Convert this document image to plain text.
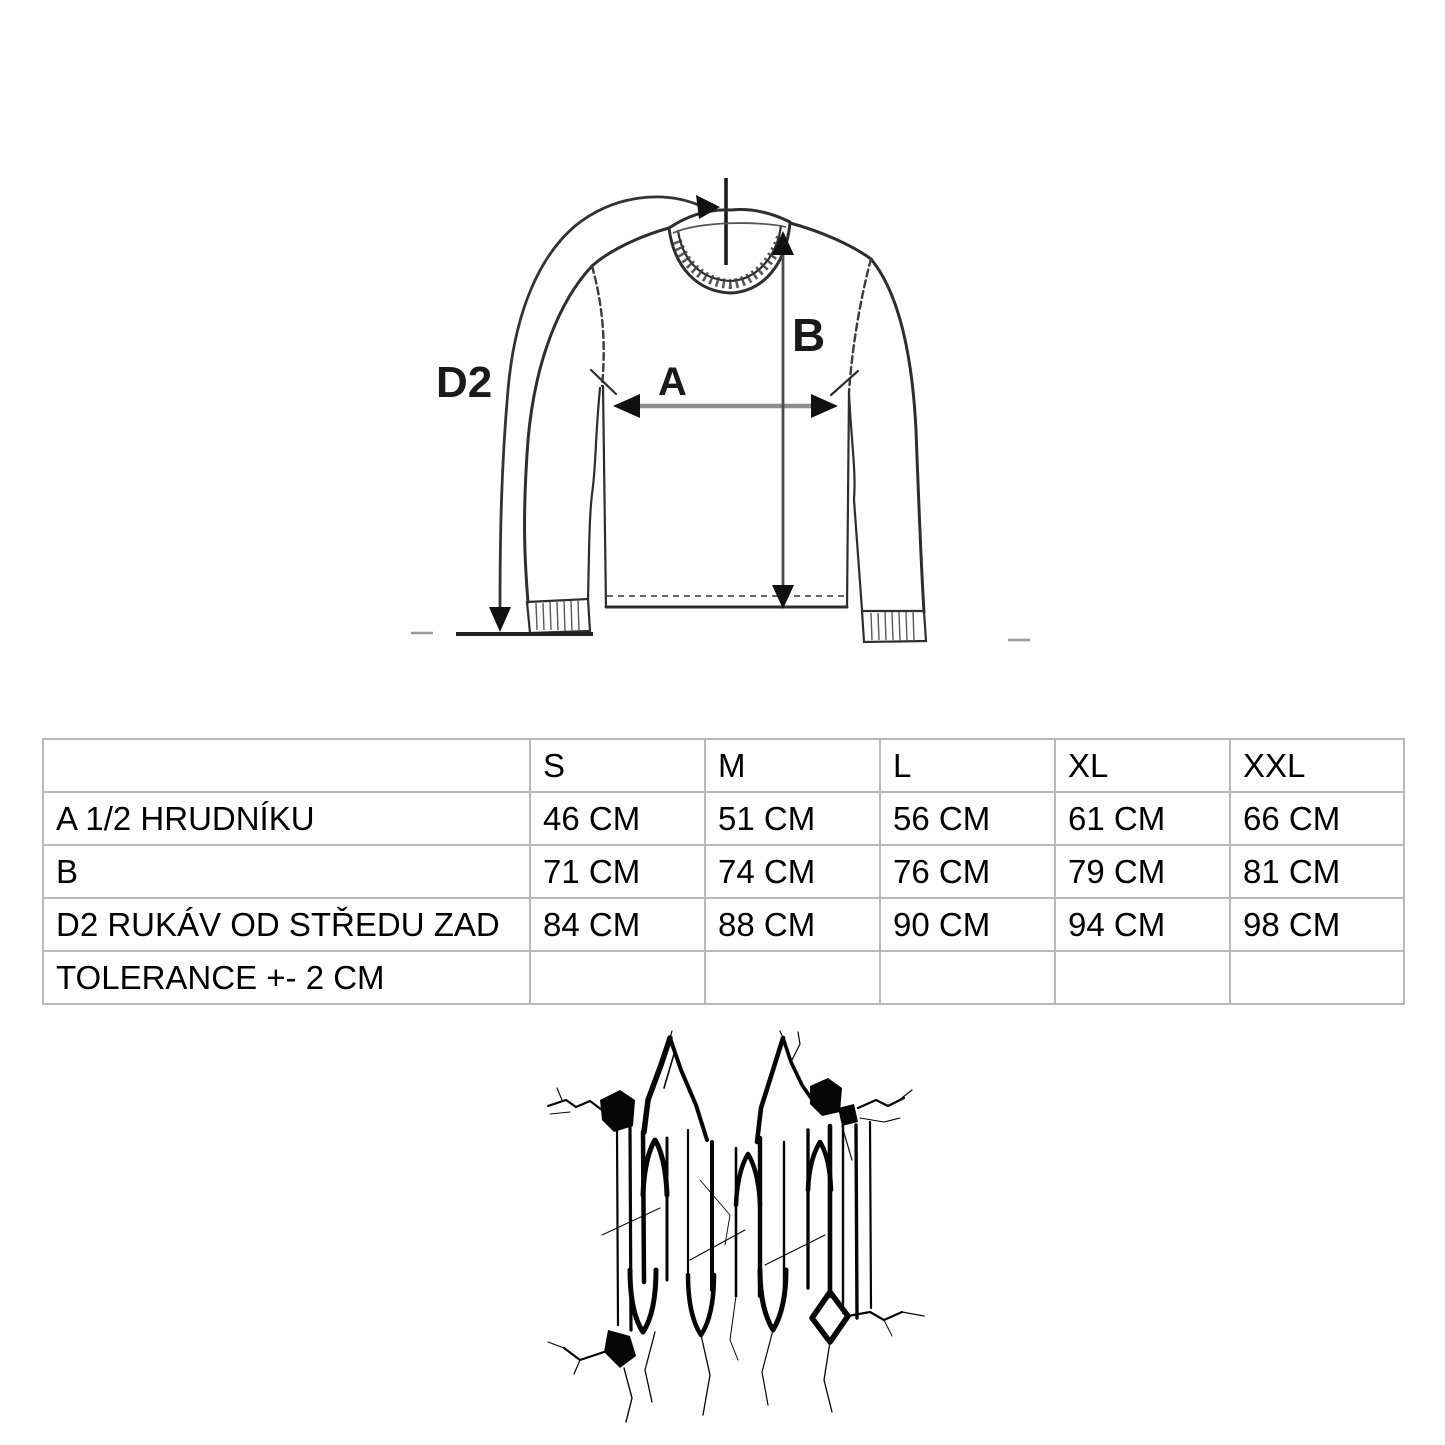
D2	A
B
	S	M	L	XL	XXL
A 1/2 HRUDNÍKU	46 CM	51 CM	56 CM	61 CM	66 CM
B	71 CM	74 CM	76 CM	79 CM	81 CM
D2 RUKÁV OD STŘEDU ZAD	84 CM	88 CM	90 CM	94 CM	98 CM
TOLERANCE +- 2 CM					
